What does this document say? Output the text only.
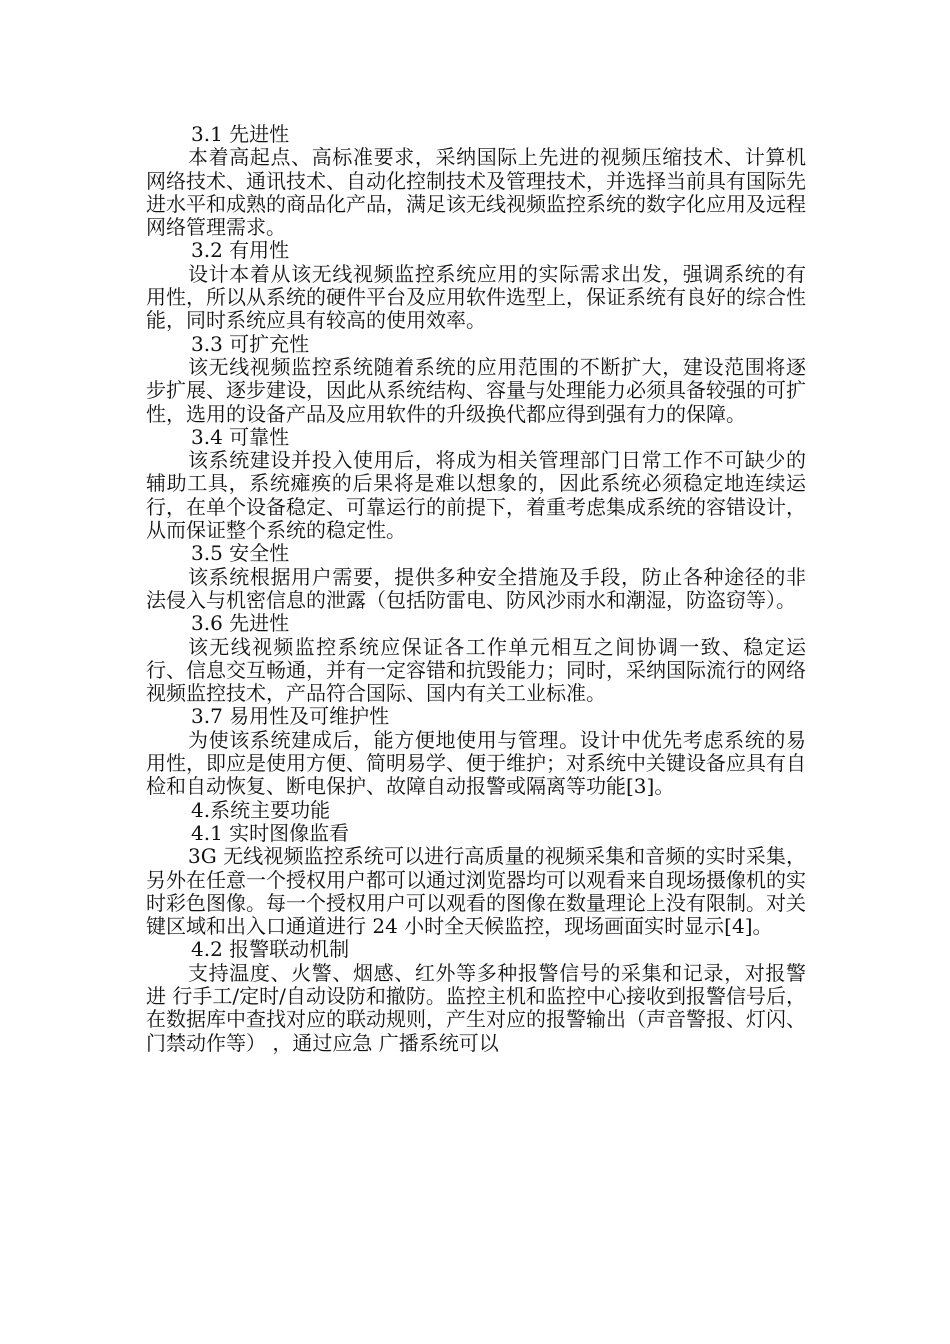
3.1 先进性

本着高起点、高标准要求，采纳国际上先进的视频压缩技术、计算机网络技术、通讯技术、自动化控制技术及管理技术，并选择当前具有国际先进水平和成熟的商品化产品，满足该无线视频监控系统的数字化应用及远程网络管理需求。

3.2 有用性

设计本着从该无线视频监控系统应用的实际需求出发，强调系统的有用性，所以从系统的硬件平台及应用软件选型上，保证系统有良好的综合性能，同时系统应具有较高的使用效率。

3.3 可扩充性

该无线视频监控系统随着系统的应用范围的不断扩大，建设范围将逐步扩展、逐步建设，因此从系统结构、容量与处理能力必须具备较强的可扩性，选用的设备产品及应用软件的升级换代都应得到强有力的保障。

3.4 可靠性

该系统建设并投入使用后，将成为相关管理部门日常工作不可缺少的辅助工具，系统瘫痪的后果将是难以想象的，因此系统必须稳定地连续运行，在单个设备稳定、可靠运行的前提下，着重考虑集成系统的容错设计，从而保证整个系统的稳定性。

3.5 安全性

该系统根据用户需要，提供多种安全措施及手段，防止各种途径的非法侵入与机密信息的泄露（包括防雷电、防风沙雨水和潮湿，防盗窃等）。

3.6 先进性

该无线视频监控系统应保证各工作单元相互之间协调一致、稳定运行、信息交互畅通，并有一定容错和抗毁能力；同时，采纳国际流行的网络视频监控技术，产品符合国际、国内有关工业标准。

3.7 易用性及可维护性

为使该系统建成后，能方便地使用与管理。设计中优先考虑系统的易用性，即应是使用方便、简明易学、便于维护；对系统中关键设备应具有自检和自动恢复、断电保护、故障自动报警或隔离等功能[3]。

4.系统主要功能
4.1 实时图像监看

3G 无线视频监控系统可以进行高质量的视频采集和音频的实时采集，另外在任意一个授权用户都可以通过浏览器均可以观看来自现场摄像机的实时彩色图像。每一个授权用户可以观看的图像在数量理论上没有限制。对关键区域和出入口通道进行 24 小时全天候监控，现场画面实时显示[4]。

4.2 报警联动机制

支持温度、火警、烟感、红外等多种报警信号的采集和记录，对报警进 行手工/定时/自动设防和撤防。监控主机和监控中心接收到报警信号后， 在数据库中查找对应的联动规则，产生对应的报警输出（声音警报、灯闪、门禁动作等） ，通过应急 广播系统可以
